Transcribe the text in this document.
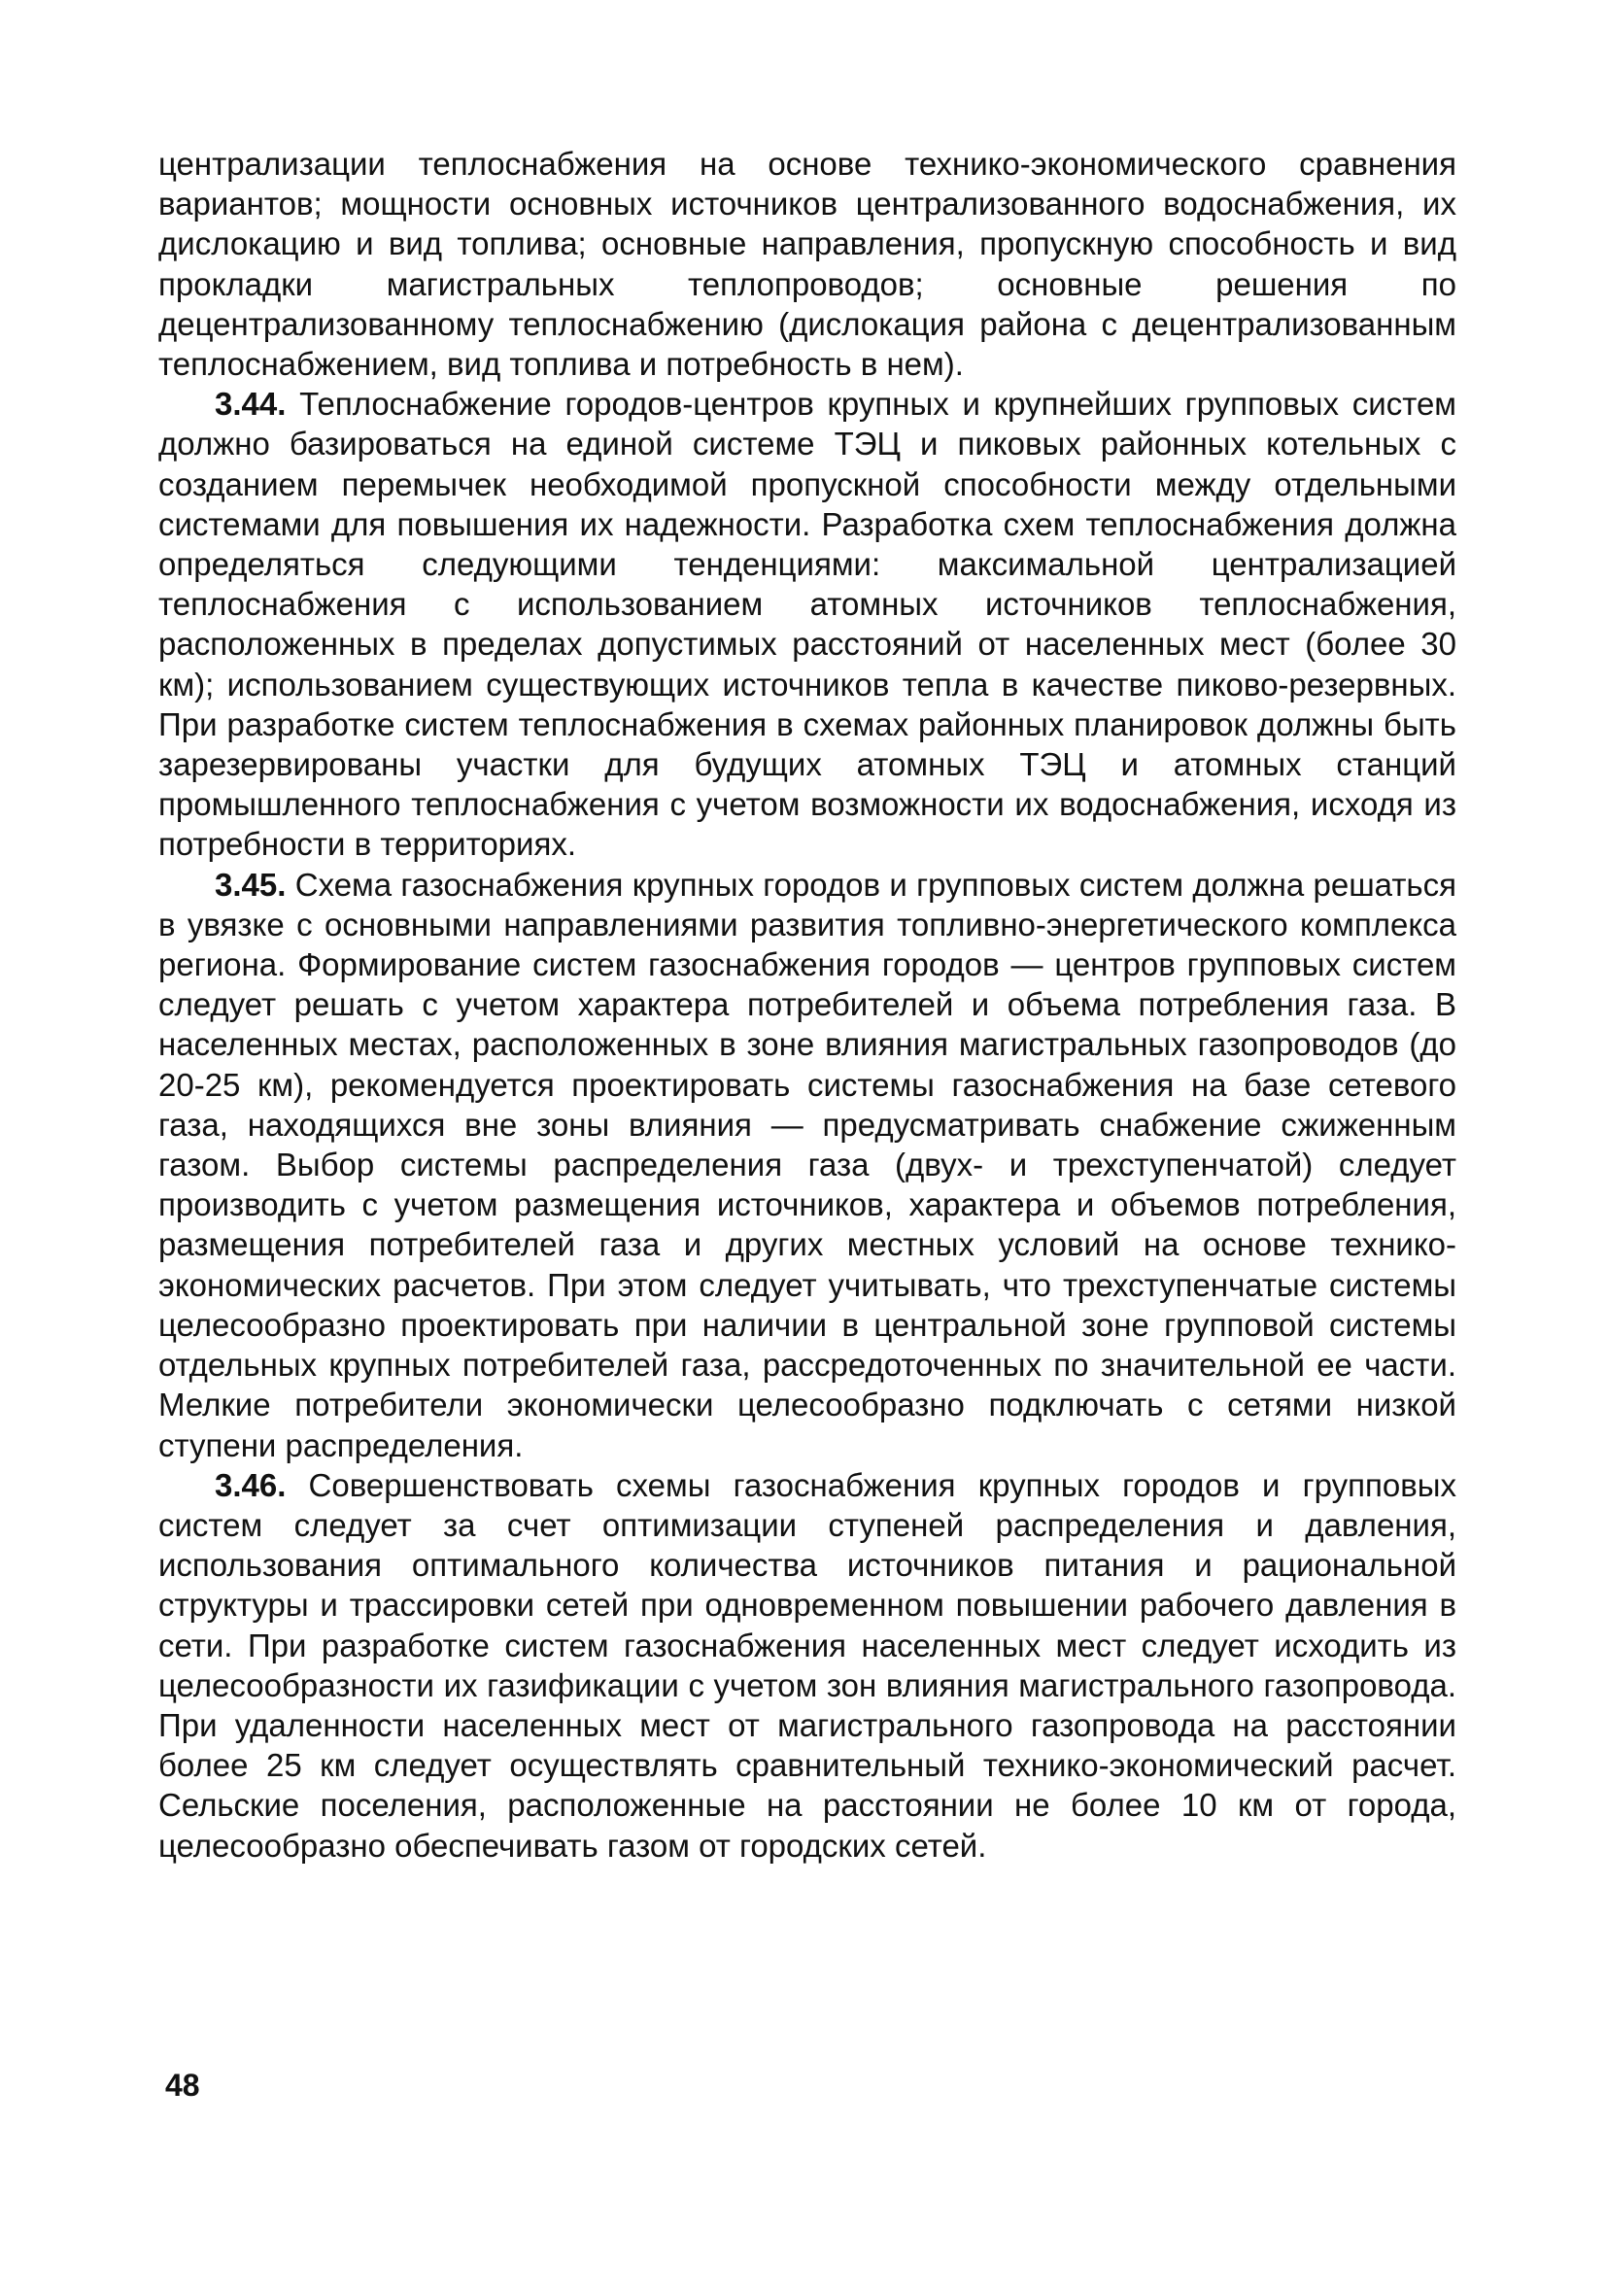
централизации теплоснабжения на основе технико-экономического сравнения вариантов; мощности основных источников централизованного водоснабжения, их дислокацию и вид топлива; основные направления, пропускную способность и вид прокладки магистральных теплопроводов; основные решения по децентрализованному теплоснабжению (дислокация района с децентрализованным теплоснабжением, вид топлива и потребность в нем).

3.44. Теплоснабжение городов-центров крупных и крупнейших групповых систем должно базироваться на единой системе ТЭЦ и пиковых районных котельных с созданием перемычек необходимой пропускной способности между отдельными системами для повышения их надежности. Разработка схем теплоснабжения должна определяться следующими тенденциями: максимальной централизацией теплоснабжения с использованием атомных источников теплоснабжения, расположенных в пределах допустимых расстояний от населенных мест (более 30 км); использованием существующих источников тепла в качестве пиково-резервных. При разработке систем теплоснабжения в схемах районных планировок должны быть зарезервированы участки для будущих атомных ТЭЦ и атомных станций промышленного теплоснабжения с учетом возможности их водоснабжения, исходя из потребности в территориях.

3.45. Схема газоснабжения крупных городов и групповых систем должна решаться в увязке с основными направлениями развития топливно-энергетического комплекса региона. Формирование систем газоснабжения городов — центров групповых систем следует решать с учетом характера потребителей и объема потребления газа. В населенных местах, расположенных в зоне влияния магистральных газопроводов (до 20-25 км), рекомендуется проектировать системы газоснабжения на базе сетевого газа, находящихся вне зоны влияния — предусматривать снабжение сжиженным газом. Выбор системы распределения газа (двух- и трехступенчатой) следует производить с учетом размещения источников, характера и объемов потребления, размещения потребителей газа и других местных условий на основе технико-экономических расчетов. При этом следует учитывать, что трехступенчатые системы целесообразно проектировать при наличии в центральной зоне групповой системы отдельных крупных потребителей газа, рассредоточенных по значительной ее части. Мелкие потребители экономически целесообразно подключать с сетями низкой ступени распределения.

3.46. Совершенствовать схемы газоснабжения крупных городов и групповых систем следует за счет оптимизации ступеней распределения и давления, использования оптимального количества источников питания и рациональной структуры и трассировки сетей при одновременном повышении рабочего давления в сети. При разработке систем газоснабжения населенных мест следует исходить из целесообразности их газификации с учетом зон влияния магистрального газопровода. При удаленности населенных мест от магистрального газопровода на расстоянии более 25 км следует осуществлять сравнительный технико-экономический расчет. Сельские поселения, расположенные на расстоянии не более 10 км от города, целесообразно обеспечивать газом от городских сетей.

48
